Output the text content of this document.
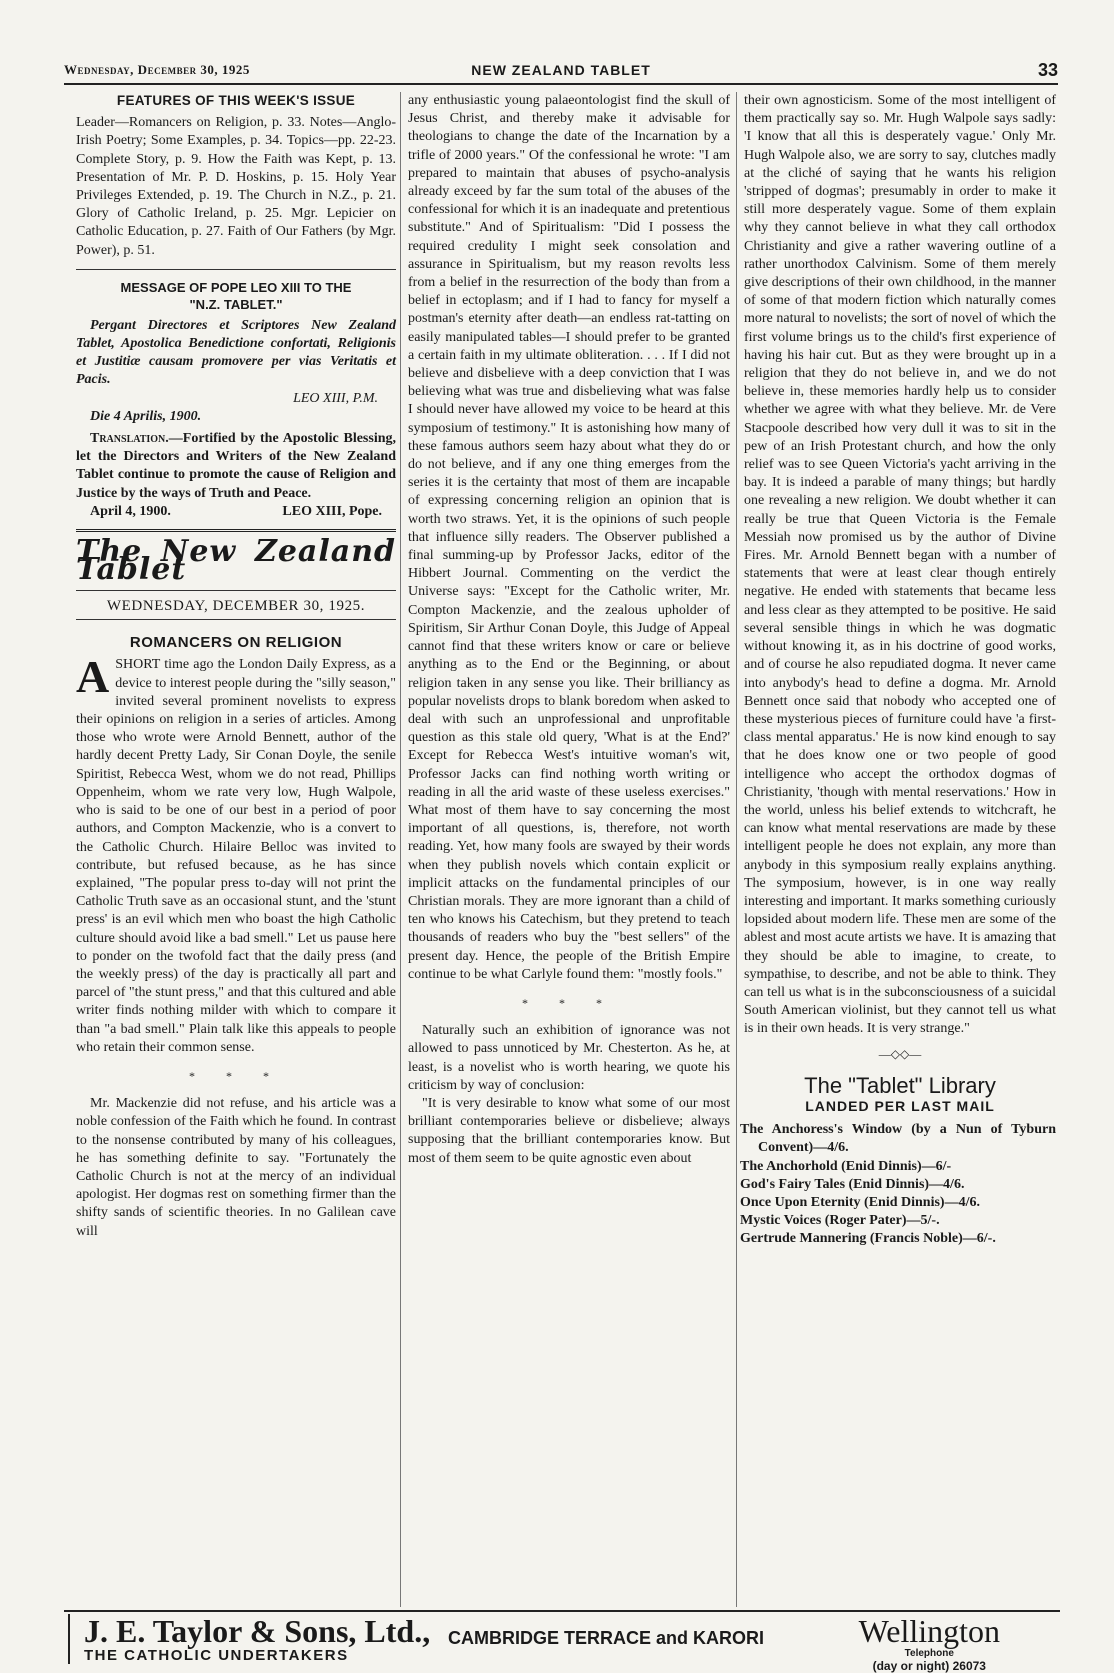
Wednesday, December 30, 1925	NEW ZEALAND TABLET	33
FEATURES OF THIS WEEK'S ISSUE

Leader—Romancers on Religion, p. 33. Notes—Anglo-Irish Poetry; Some Examples, p. 34. Topics—pp. 22-23. Complete Story, p. 9. How the Faith was Kept, p. 13. Presentation of Mr. P. D. Hoskins, p. 15. Holy Year Privileges Extended, p. 19. The Church in N.Z., p. 21. Glory of Catholic Ireland, p. 25. Mgr. Lepicier on Catholic Education, p. 27. Faith of Our Fathers (by Mgr. Power), p. 51.

MESSAGE OF POPE LEO XIII TO THE
"N.Z. TABLET."

Pergant Directores et Scriptores New Zealand Tablet, Apostolica Benedictione confortati, Religionis et Justitiæ causam promovere per vias Veritatis et Pacis.

LEO XIII, P.M.

Die 4 Aprilis, 1900.

Translation.—Fortified by the Apostolic Blessing, let the Directors and Writers of the New Zealand Tablet continue to promote the cause of Religion and Justice by the ways of Truth and Peace.

April 4, 1900.	LEO XIII, Pope.
The New Zealand Tablet
WEDNESDAY, DECEMBER 30, 1925.
ROMANCERS ON RELIGION

ASHORT time ago the London Daily Express, as a device to interest people during the "silly season," invited several prominent novelists to express their opinions on religion in a series of articles. Among those who wrote were Arnold Bennett, author of the hardly decent Pretty Lady, Sir Conan Doyle, the senile Spiritist, Rebecca West, whom we do not read, Phillips Oppenheim, whom we rate very low, Hugh Walpole, who is said to be one of our best in a period of poor authors, and Compton Mackenzie, who is a convert to the Catholic Church. Hilaire Belloc was invited to contribute, but refused because, as he has since explained, "The popular press to-day will not print the Catholic Truth save as an occasional stunt, and the 'stunt press' is an evil which men who boast the high Catholic culture should avoid like a bad smell." Let us pause here to ponder on the twofold fact that the daily press (and the weekly press) of the day is practically all part and parcel of "the stunt press," and that this cultured and able writer finds nothing milder with which to compare it than "a bad smell." Plain talk like this appeals to people who retain their common sense.

* * *

Mr. Mackenzie did not refuse, and his article was a noble confession of the Faith which he found. In contrast to the nonsense contributed by many of his colleagues, he has something definite to say. "Fortunately the Catholic Church is not at the mercy of an individual apologist. Her dogmas rest on something firmer than the shifty sands of scientific theories. In no Galilean cave will

any enthusiastic young palaeontologist find the skull of Jesus Christ, and thereby make it advisable for theologians to change the date of the Incarnation by a trifle of 2000 years." Of the confessional he wrote: "I am prepared to maintain that abuses of psycho-analysis already exceed by far the sum total of the abuses of the confessional for which it is an inadequate and pretentious substitute." And of Spiritualism: "Did I possess the required credulity I might seek consolation and assurance in Spiritualism, but my reason revolts less from a belief in the resurrection of the body than from a belief in ectoplasm; and if I had to fancy for myself a postman's eternity after death—an endless rat-tatting on easily manipulated tables—I should prefer to be granted a certain faith in my ultimate obliteration. . . . If I did not believe and disbelieve with a deep conviction that I was believing what was true and disbelieving what was false I should never have allowed my voice to be heard at this symposium of testimony." It is astonishing how many of these famous authors seem hazy about what they do or do not believe, and if any one thing emerges from the series it is the certainty that most of them are incapable of expressing concerning religion an opinion that is worth two straws. Yet, it is the opinions of such people that influence silly readers. The Observer published a final summing-up by Professor Jacks, editor of the Hibbert Journal. Commenting on the verdict the Universe says: "Except for the Catholic writer, Mr. Compton Mackenzie, and the zealous upholder of Spiritism, Sir Arthur Conan Doyle, this Judge of Appeal cannot find that these writers know or care or believe anything as to the End or the Beginning, or about religion taken in any sense you like. Their brilliancy as popular novelists drops to blank boredom when asked to deal with such an unprofessional and unprofitable question as this stale old query, 'What is at the End?' Except for Rebecca West's intuitive woman's wit, Professor Jacks can find nothing worth writing or reading in all the arid waste of these useless exercises." What most of them have to say concerning the most important of all questions, is, therefore, not worth reading. Yet, how many fools are swayed by their words when they publish novels which contain explicit or implicit attacks on the fundamental principles of our Christian morals. They are more ignorant than a child of ten who knows his Catechism, but they pretend to teach thousands of readers who buy the "best sellers" of the present day. Hence, the people of the British Empire continue to be what Carlyle found them: "mostly fools."

* * *

Naturally such an exhibition of ignorance was not allowed to pass unnoticed by Mr. Chesterton. As he, at least, is a novelist who is worth hearing, we quote his criticism by way of conclusion:

"It is very desirable to know what some of our most brilliant contemporaries believe or disbelieve; always supposing that the brilliant contemporaries know. But most of them seem to be quite agnostic even about

their own agnosticism. Some of the most intelligent of them practically say so. Mr. Hugh Walpole says sadly: 'I know that all this is desperately vague.' Only Mr. Hugh Walpole also, we are sorry to say, clutches madly at the cliché of saying that he wants his religion 'stripped of dogmas'; presumably in order to make it still more desperately vague. Some of them explain why they cannot believe in what they call orthodox Christianity and give a rather wavering outline of a rather unorthodox Calvinism. Some of them merely give descriptions of their own childhood, in the manner of some of that modern fiction which naturally comes more natural to novelists; the sort of novel of which the first volume brings us to the child's first experience of having his hair cut. But as they were brought up in a religion that they do not believe in, and we do not believe in, these memories hardly help us to consider whether we agree with what they believe. Mr. de Vere Stacpoole described how very dull it was to sit in the pew of an Irish Protestant church, and how the only relief was to see Queen Victoria's yacht arriving in the bay. It is indeed a parable of many things; but hardly one revealing a new religion. We doubt whether it can really be true that Queen Victoria is the Female Messiah now promised us by the author of Divine Fires. Mr. Arnold Bennett began with a number of statements that were at least clear though entirely negative. He ended with statements that became less and less clear as they attempted to be positive. He said several sensible things in which he was dogmatic without knowing it, as in his doctrine of good works, and of course he also repudiated dogma. It never came into anybody's head to define a dogma. Mr. Arnold Bennett once said that nobody who accepted one of these mysterious pieces of furniture could have 'a first-class mental apparatus.' He is now kind enough to say that he does know one or two people of good intelligence who accept the orthodox dogmas of Christianity, 'though with mental reservations.' How in the world, unless his belief extends to witchcraft, he can know what mental reservations are made by these intelligent people he does not explain, any more than anybody in this symposium really explains anything. The symposium, however, is in one way really interesting and important. It marks something curiously lopsided about modern life. These men are some of the ablest and most acute artists we have. It is amazing that they should be able to imagine, to create, to sympathise, to describe, and not be able to think. They can tell us what is in the subconsciousness of a suicidal South American violinist, but they cannot tell us what is in their own heads. It is very strange."

—◇◇—
The "Tablet" Library
LANDED PER LAST MAIL
The Anchoress's Window (by a Nun of Tyburn Convent)—4/6.
The Anchorhold (Enid Dinnis)—6/-
God's Fairy Tales (Enid Dinnis)—4/6.
Once Upon Eternity (Enid Dinnis)—4/6.
Mystic Voices (Roger Pater)—5/-.
Gertrude Mannering (Francis Noble)—6/-.
J. E. Taylor & Sons, Ltd.,
THE CATHOLIC UNDERTAKERS
CAMBRIDGE TERRACE and KARORI	Wellington
Telephone
(day or night) 26073
